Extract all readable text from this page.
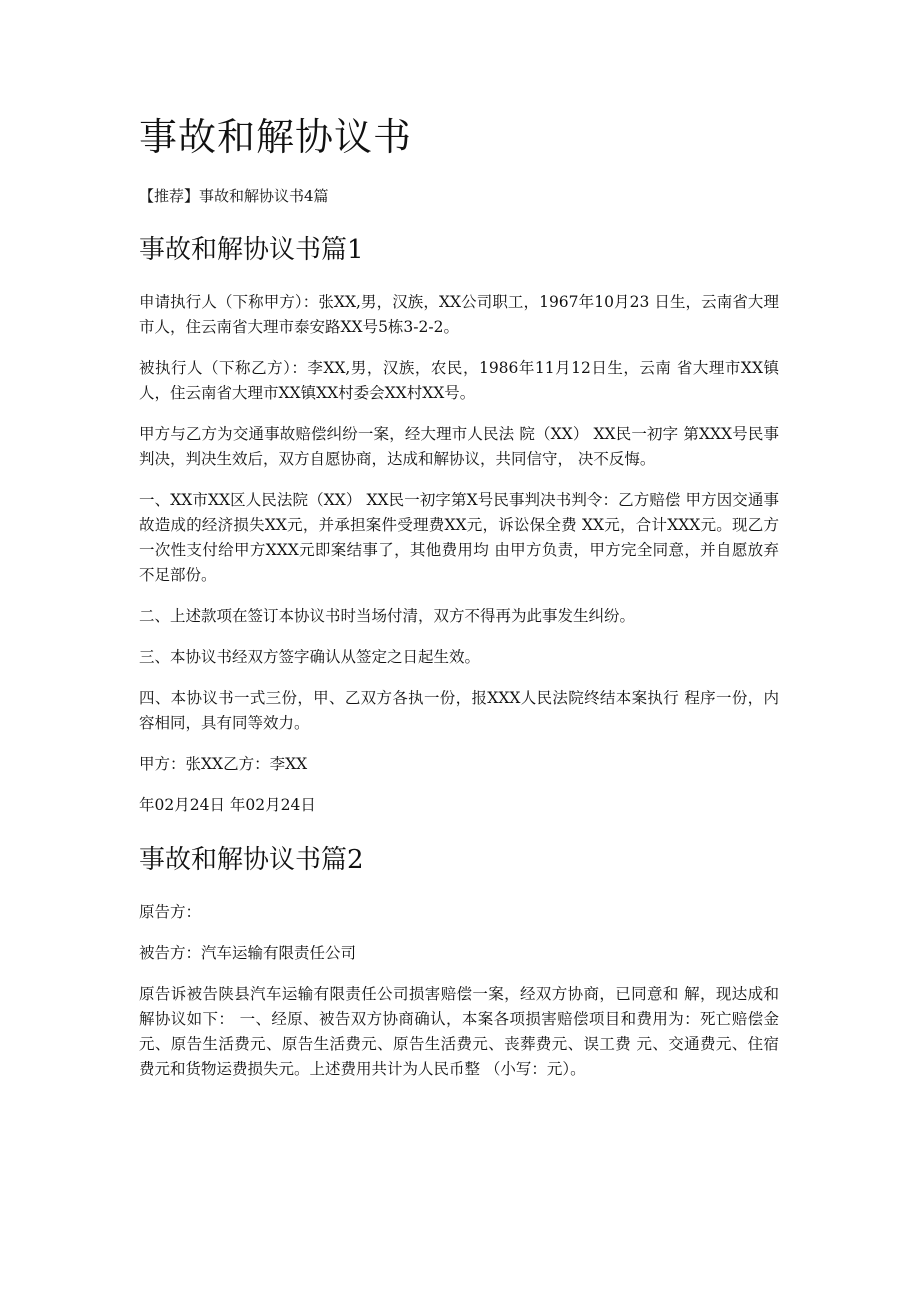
事故和解协议书
【推荐】事故和解协议书4篇
事故和解协议书篇1

申请执行人（下称甲方）：张XX,男，汉族，XX公司职工，1967年10月23 日生，云南省大理市人，住云南省大理市泰安路XX号5栋3-2-2。

被执行人（下称乙方）：李XX,男，汉族，农民，1986年11月12日生，云南 省大理市XX镇人，住云南省大理市XX镇XX村委会XX村XX号。

甲方与乙方为交通事故赔偿纠纷一案，经大理市人民法 院（XX） XX民一初字 第XXX号民事判决，判决生效后，双方自愿协商，达成和解协议，共同信守， 决不反悔。

一、XX市XX区人民法院（XX） XX民一初字第X号民事判决书判令：乙方赔偿 甲方因交通事故造成的经济损失XX元，并承担案件受理费XX元，诉讼保全费 XX元，合计XXX元。现乙方一次性支付给甲方XXX元即案结事了，其他费用均 由甲方负责，甲方完全同意，并自愿放弃不足部份。

二、上述款项在签订本协议书时当场付清，双方不得再为此事发生纠纷。

三、本协议书经双方签字确认从签定之日起生效。

四、本协议书一式三份，甲、乙双方各执一份，报XXX人民法院终结本案执行 程序一份，内容相同，具有同等效力。

甲方：张XX乙方：李XX

年02月24日 年02月24日

事故和解协议书篇2

原告方：

被告方：汽车运输有限责任公司

原告诉被告陕县汽车运输有限责任公司损害赔偿一案，经双方协商，已同意和 解，现达成和解协议如下： 一、经原、被告双方协商确认，本案各项损害赔偿项目和费用为：死亡赔偿金 元、原告生活费元、原告生活费元、原告生活费元、丧葬费元、误工费 元、交通费元、住宿费元和货物运费损失元。上述费用共计为人民币整 （小写：元）。
